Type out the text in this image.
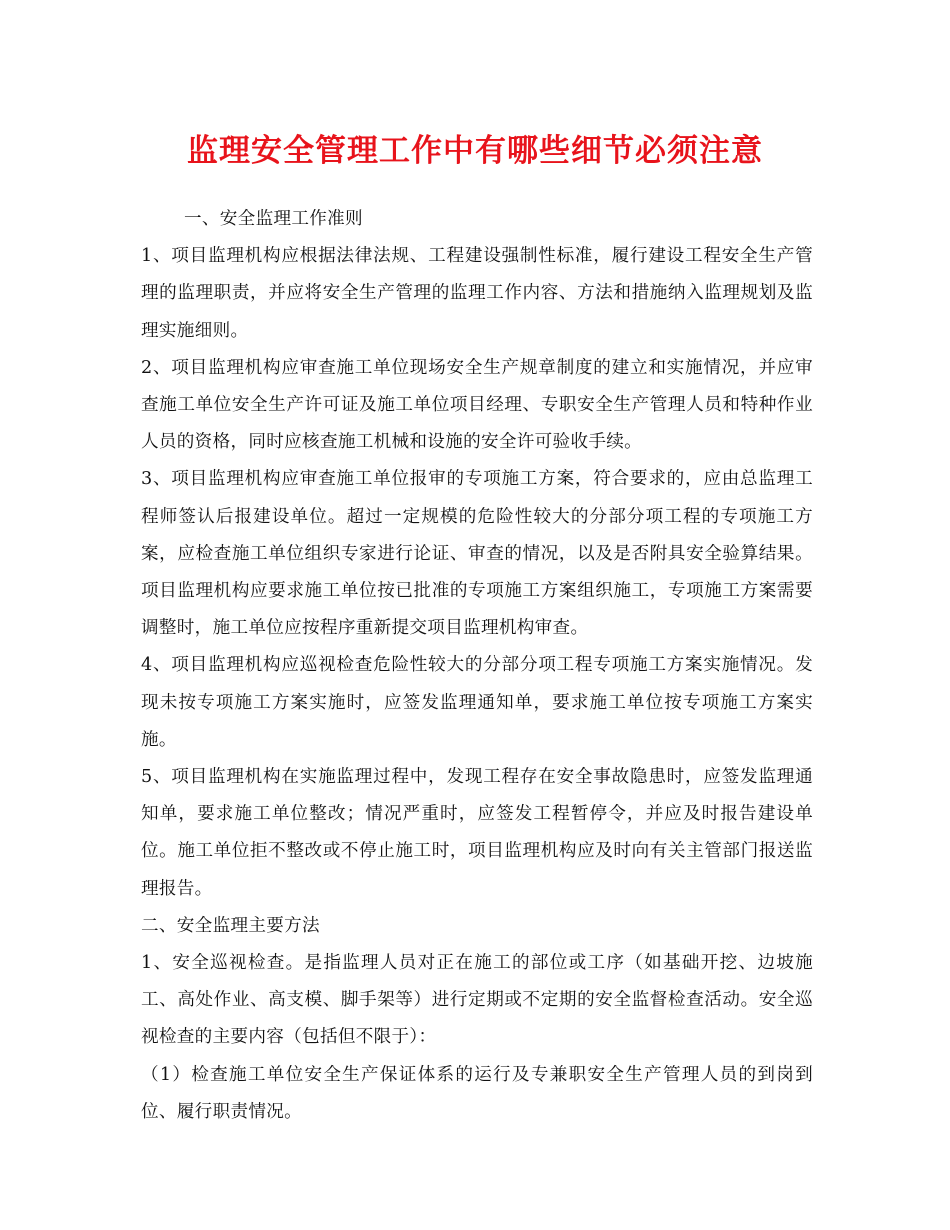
监理安全管理工作中有哪些细节必须注意

一、安全监理工作准则

1、项目监理机构应根据法律法规、工程建设强制性标准，履行建设工程安全生产管理的监理职责，并应将安全生产管理的监理工作内容、方法和措施纳入监理规划及监理实施细则。

2、项目监理机构应审查施工单位现场安全生产规章制度的建立和实施情况，并应审查施工单位安全生产许可证及施工单位项目经理、专职安全生产管理人员和特种作业人员的资格，同时应核查施工机械和设施的安全许可验收手续。

3、项目监理机构应审查施工单位报审的专项施工方案，符合要求的，应由总监理工程师签认后报建设单位。超过一定规模的危险性较大的分部分项工程的专项施工方案，应检查施工单位组织专家进行论证、审查的情况，以及是否附具安全验算结果。项目监理机构应要求施工单位按已批准的专项施工方案组织施工，专项施工方案需要调整时，施工单位应按程序重新提交项目监理机构审查。

4、项目监理机构应巡视检查危险性较大的分部分项工程专项施工方案实施情况。发现未按专项施工方案实施时，应签发监理通知单，要求施工单位按专项施工方案实施。

5、项目监理机构在实施监理过程中，发现工程存在安全事故隐患时，应签发监理通知单，要求施工单位整改；情况严重时，应签发工程暂停令，并应及时报告建设单位。施工单位拒不整改或不停止施工时，项目监理机构应及时向有关主管部门报送监理报告。

二、安全监理主要方法

1、安全巡视检查。是指监理人员对正在施工的部位或工序（如基础开挖、边坡施工、高处作业、高支模、脚手架等）进行定期或不定期的安全监督检查活动。安全巡视检查的主要内容（包括但不限于）：

（1）检查施工单位安全生产保证体系的运行及专兼职安全生产管理人员的到岗到位、履行职责情况。
